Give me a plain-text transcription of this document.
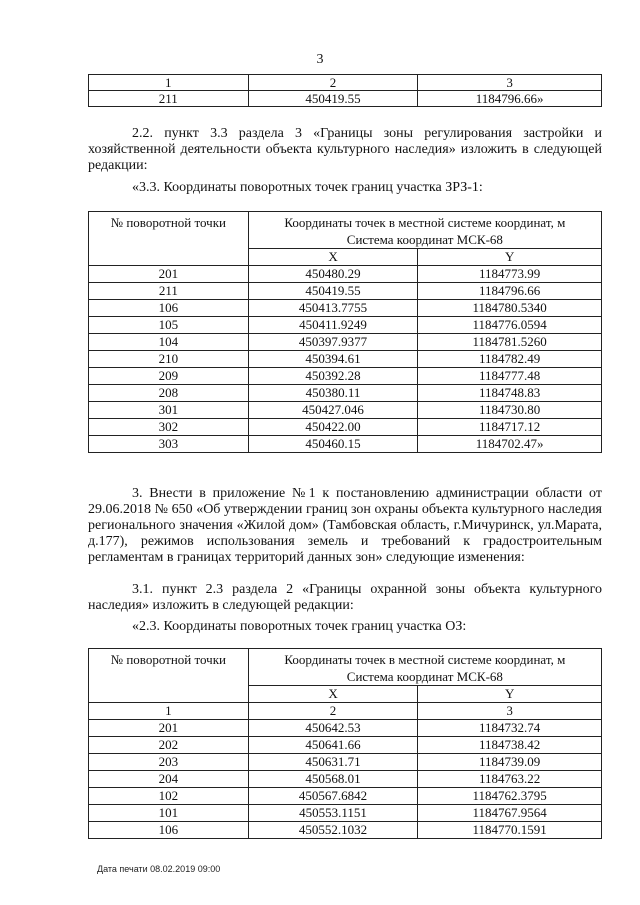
3
1	2	3
211	450419.55	1184796.66»
2.2. пункт 3.3 раздела 3 «Границы зоны регулирования застройки и хозяйственной деятельности объекта культурного наследия» изложить в следующей редакции:
«3.3. Координаты поворотных точек границ участка ЗРЗ-1:
№ поворотной точки	Координаты точек в местной системе координат, м
Система координат МСК-68	

	X	Y
201	450480.29	1184773.99
211	450419.55	1184796.66
106	450413.7755	1184780.5340
105	450411.9249	1184776.0594
104	450397.9377	1184781.5260
210	450394.61	1184782.49
209	450392.28	1184777.48
208	450380.11	1184748.83
301	450427.046	1184730.80
302	450422.00	1184717.12
303	450460.15	1184702.47»
3. Внести в приложение №1 к постановлению администрации области от 29.06.2018 № 650 «Об утверждении границ зон охраны объекта культурного наследия регионального значения «Жилой дом» (Тамбовская область, г.Мичуринск, ул.Марата, д.177), режимов использования земель и требований к градостроительным регламентам в границах территорий данных зон» следующие изменения:
3.1. пункт 2.3 раздела 2 «Границы охранной зоны объекта культурного наследия» изложить в следующей редакции:
«2.3. Координаты поворотных точек границ участка ОЗ:
№ поворотной точки	Координаты точек в местной системе координат, м
Система координат МСК-68	

	X	Y
1	2	3
201	450642.53	1184732.74
202	450641.66	1184738.42
203	450631.71	1184739.09
204	450568.01	1184763.22
102	450567.6842	1184762.3795
101	450553.1151	1184767.9564
106	450552.1032	1184770.1591
Дата печати 08.02.2019 09:00
